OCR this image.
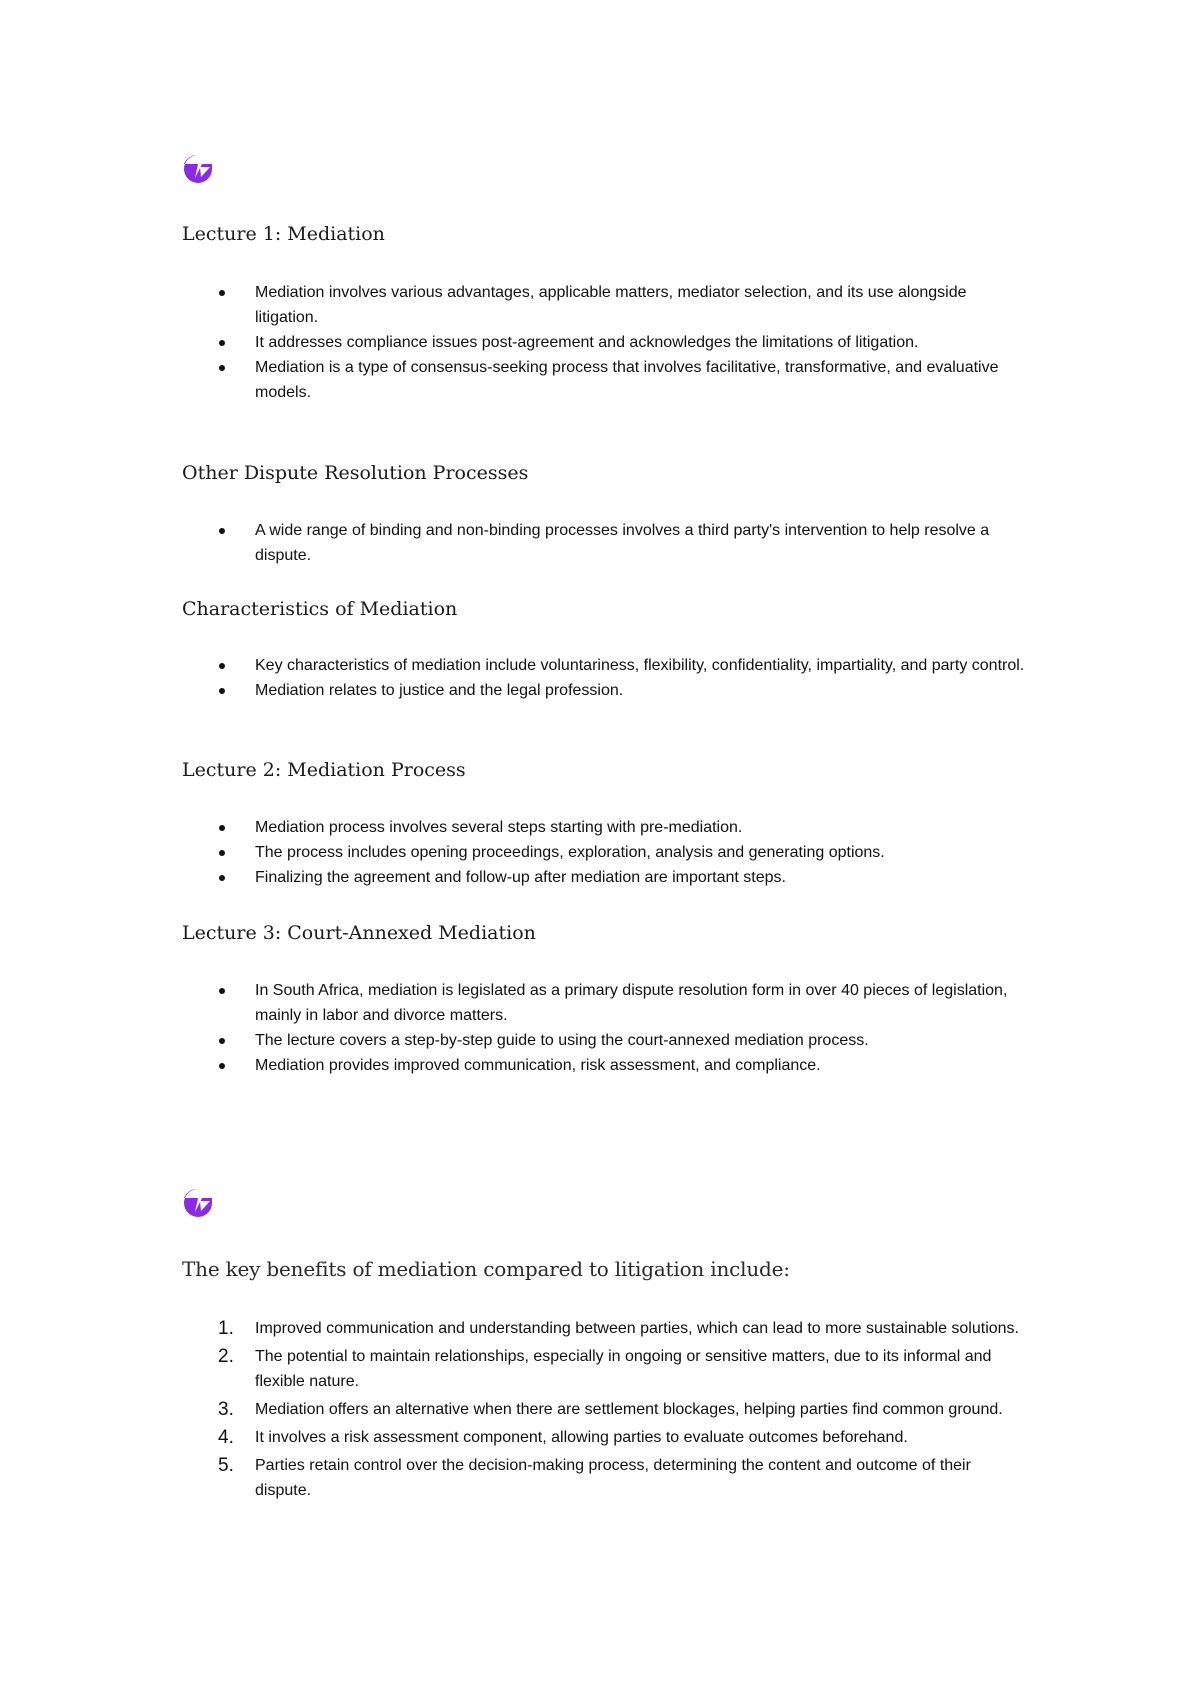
Lecture 1: Mediation
Mediation involves various advantages, applicable matters, mediator selection, and its use alongside litigation.
It addresses compliance issues post-agreement and acknowledges the limitations of litigation.
Mediation is a type of consensus-seeking process that involves facilitative, transformative, and evaluative models.
Other Dispute Resolution Processes
A wide range of binding and non-binding processes involves a third party's intervention to help resolve a dispute.
Characteristics of Mediation
Key characteristics of mediation include voluntariness, flexibility, confidentiality, impartiality, and party control.
Mediation relates to justice and the legal profession.
Lecture 2: Mediation Process
Mediation process involves several steps starting with pre-mediation.
The process includes opening proceedings, exploration, analysis and generating options.
Finalizing the agreement and follow-up after mediation are important steps.
Lecture 3: Court-Annexed Mediation
In South Africa, mediation is legislated as a primary dispute resolution form in over 40 pieces of legislation, mainly in labor and divorce matters.
The lecture covers a step-by-step guide to using the court-annexed mediation process.
Mediation provides improved communication, risk assessment, and compliance.

The key benefits of mediation compared to litigation include:

1. Improved communication and understanding between parties, which can lead to more sustainable solutions.
2. The potential to maintain relationships, especially in ongoing or sensitive matters, due to its informal and flexible nature.
3. Mediation offers an alternative when there are settlement blockages, helping parties find common ground.
4. It involves a risk assessment component, allowing parties to evaluate outcomes beforehand.
5. Parties retain control over the decision-making process, determining the content and outcome of their dispute.
